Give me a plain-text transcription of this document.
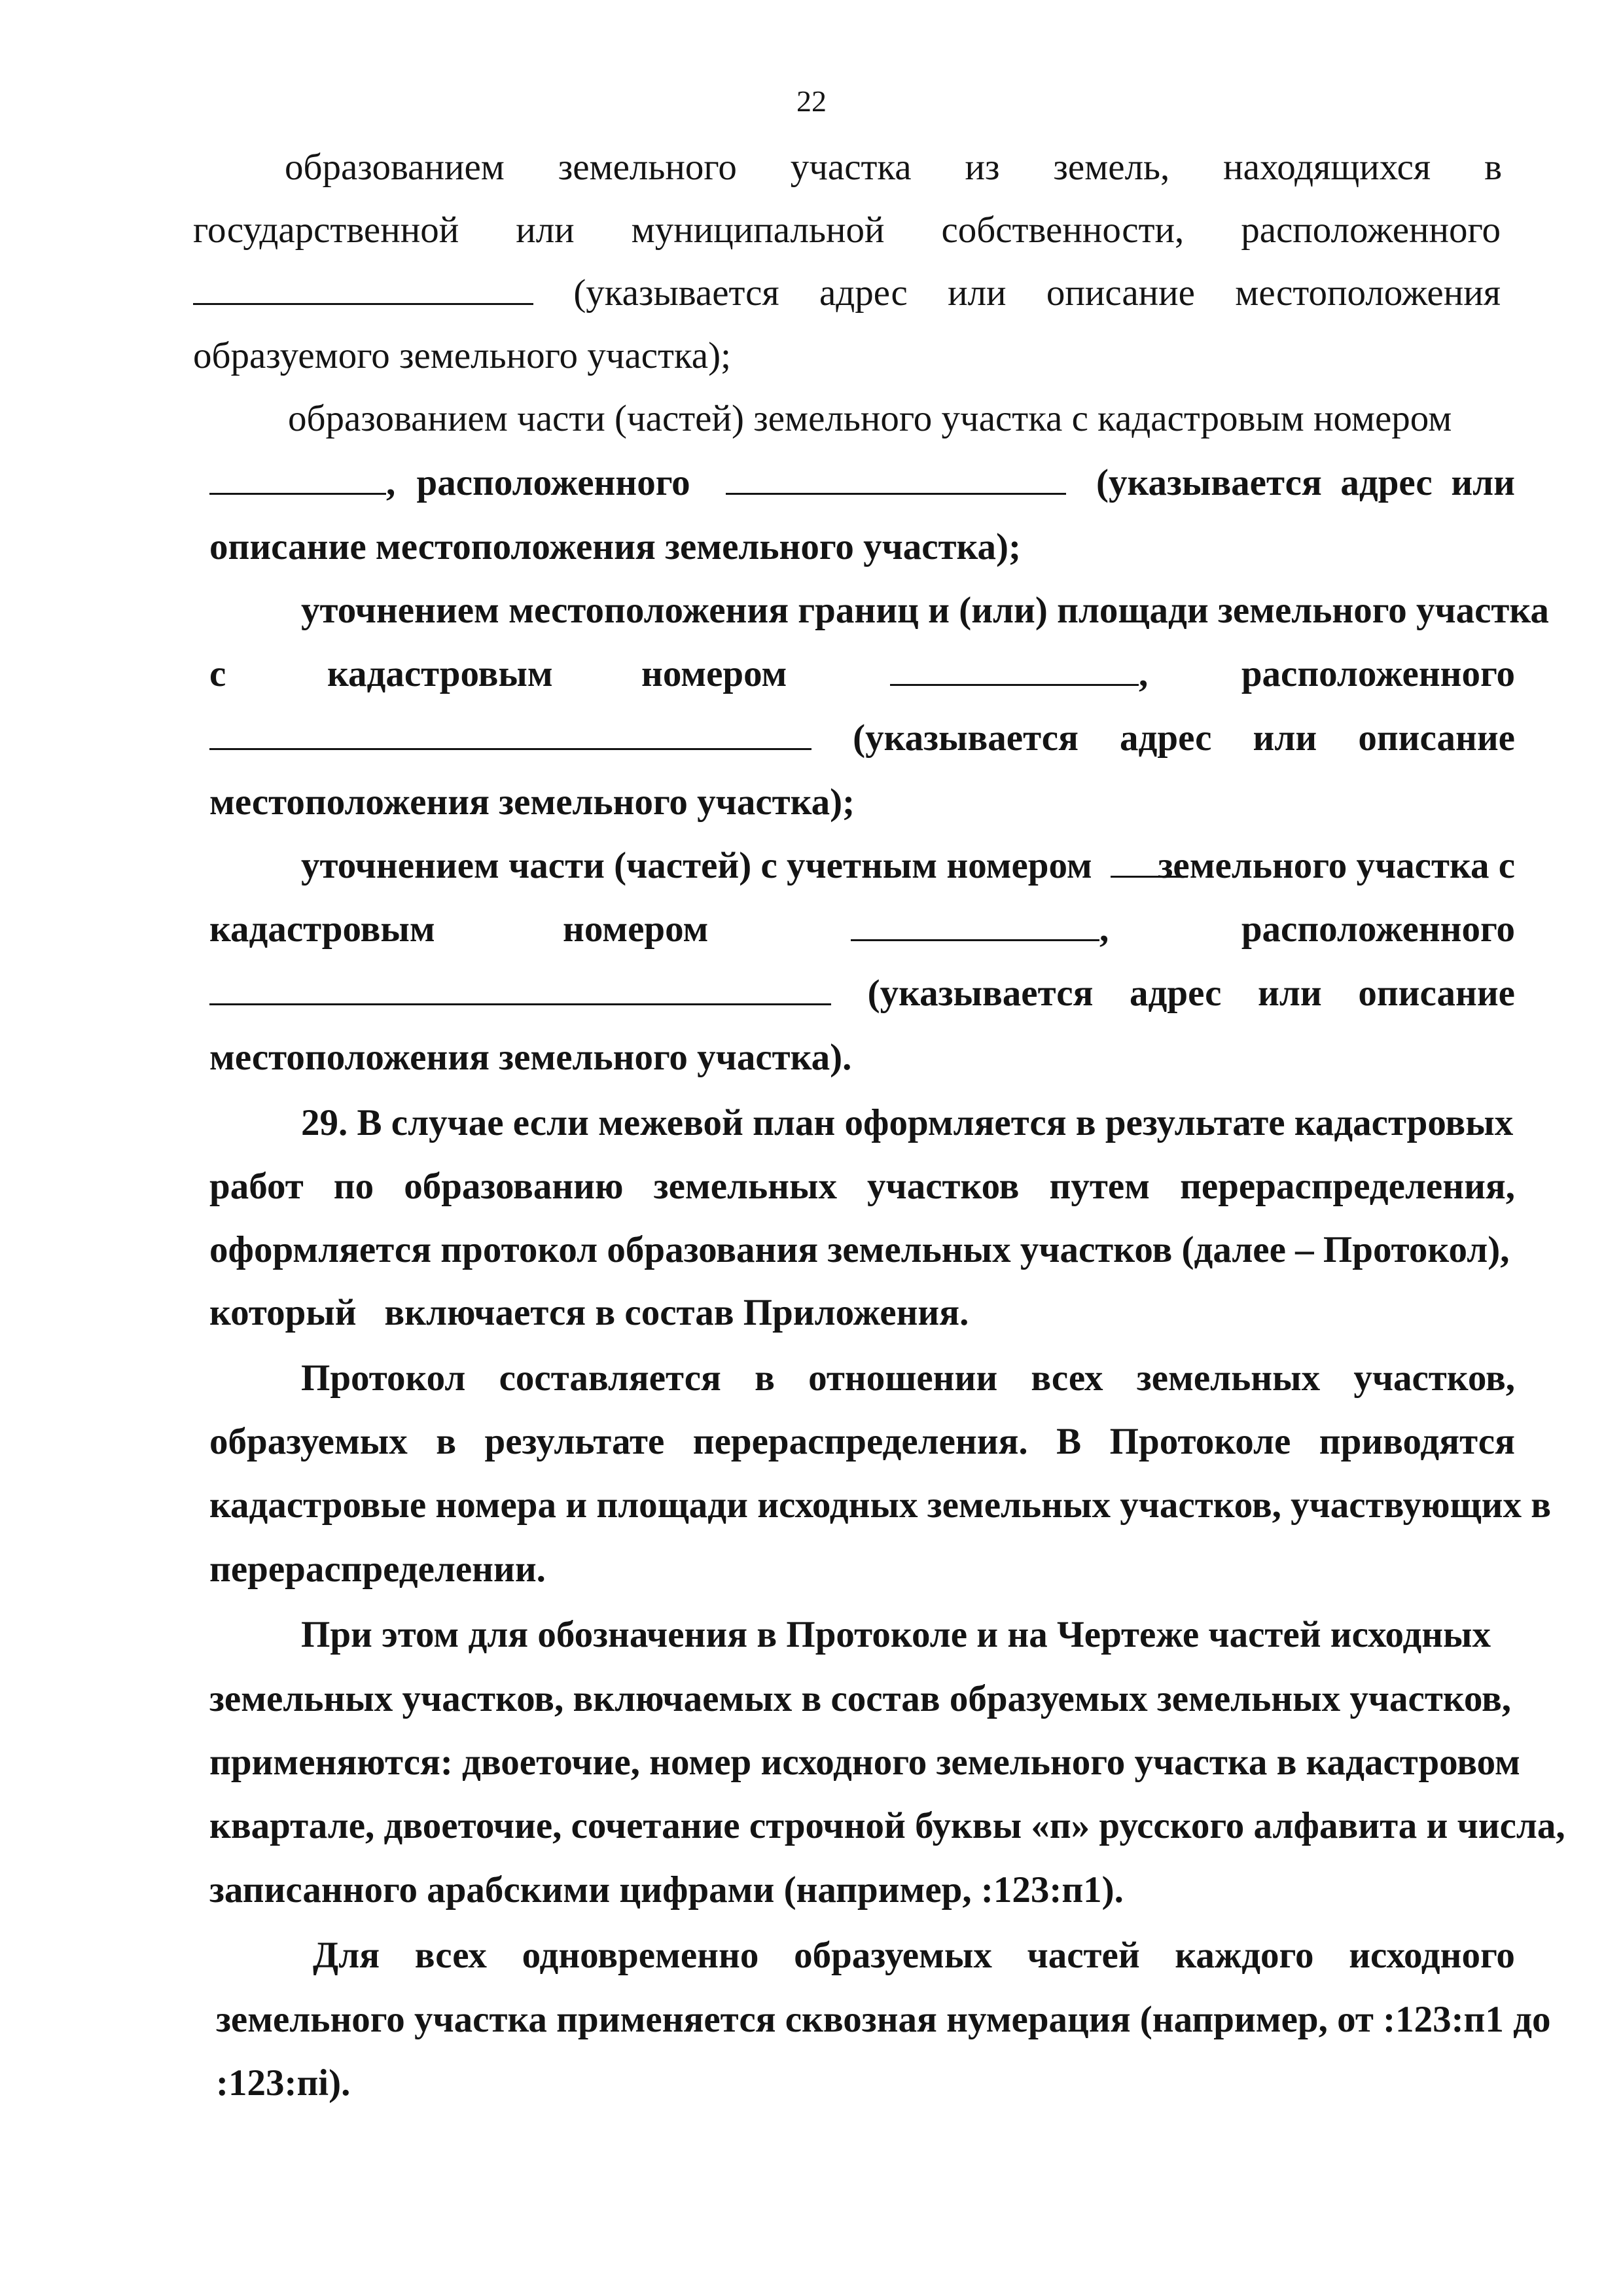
22
образованием земельного участка из земель, находящихся в
государственной или муниципальной собственности, расположенного
(указывается адрес или описание местоположения
образуемого земельного участка);
образованием части (частей) земельного участка с кадастровым номером
, расположенного	(указывается адрес или
описание местоположения земельного участка);
уточнением местоположения границ и (или) площади земельного участка
с	кадастровым номером	,	расположенного
(указывается адрес или описание
местоположения земельного участка);
уточнением части (частей) с учетным номером земельного участка с
кадастровым	номером	,	расположенного
(указывается адрес или описание
местоположения земельного участка).
29. В случае если межевой план оформляется в результате кадастровых
работ по образованию земельных участков путем перераспределения,
оформляется протокол образования земельных участков (далее – Протокол),
который   включается в состав Приложения.
Протокол составляется в отношении всех земельных участков,
образуемых в результате перераспределения. В Протоколе приводятся
кадастровые номера и площади исходных земельных участков, участвующих в
перераспределении.
При этом для обозначения в Протоколе и на Чертеже частей исходных
земельных участков, включаемых в состав образуемых земельных участков,
применяются: двоеточие, номер исходного земельного участка в кадастровом
квартале, двоеточие, сочетание строчной буквы «п» русского алфавита и числа,
записанного арабскими цифрами (например, :123:п1).
Для всех одновременно образуемых частей каждого исходного
земельного участка применяется сквозная нумерация (например, от :123:п1 до
:123:пi).
